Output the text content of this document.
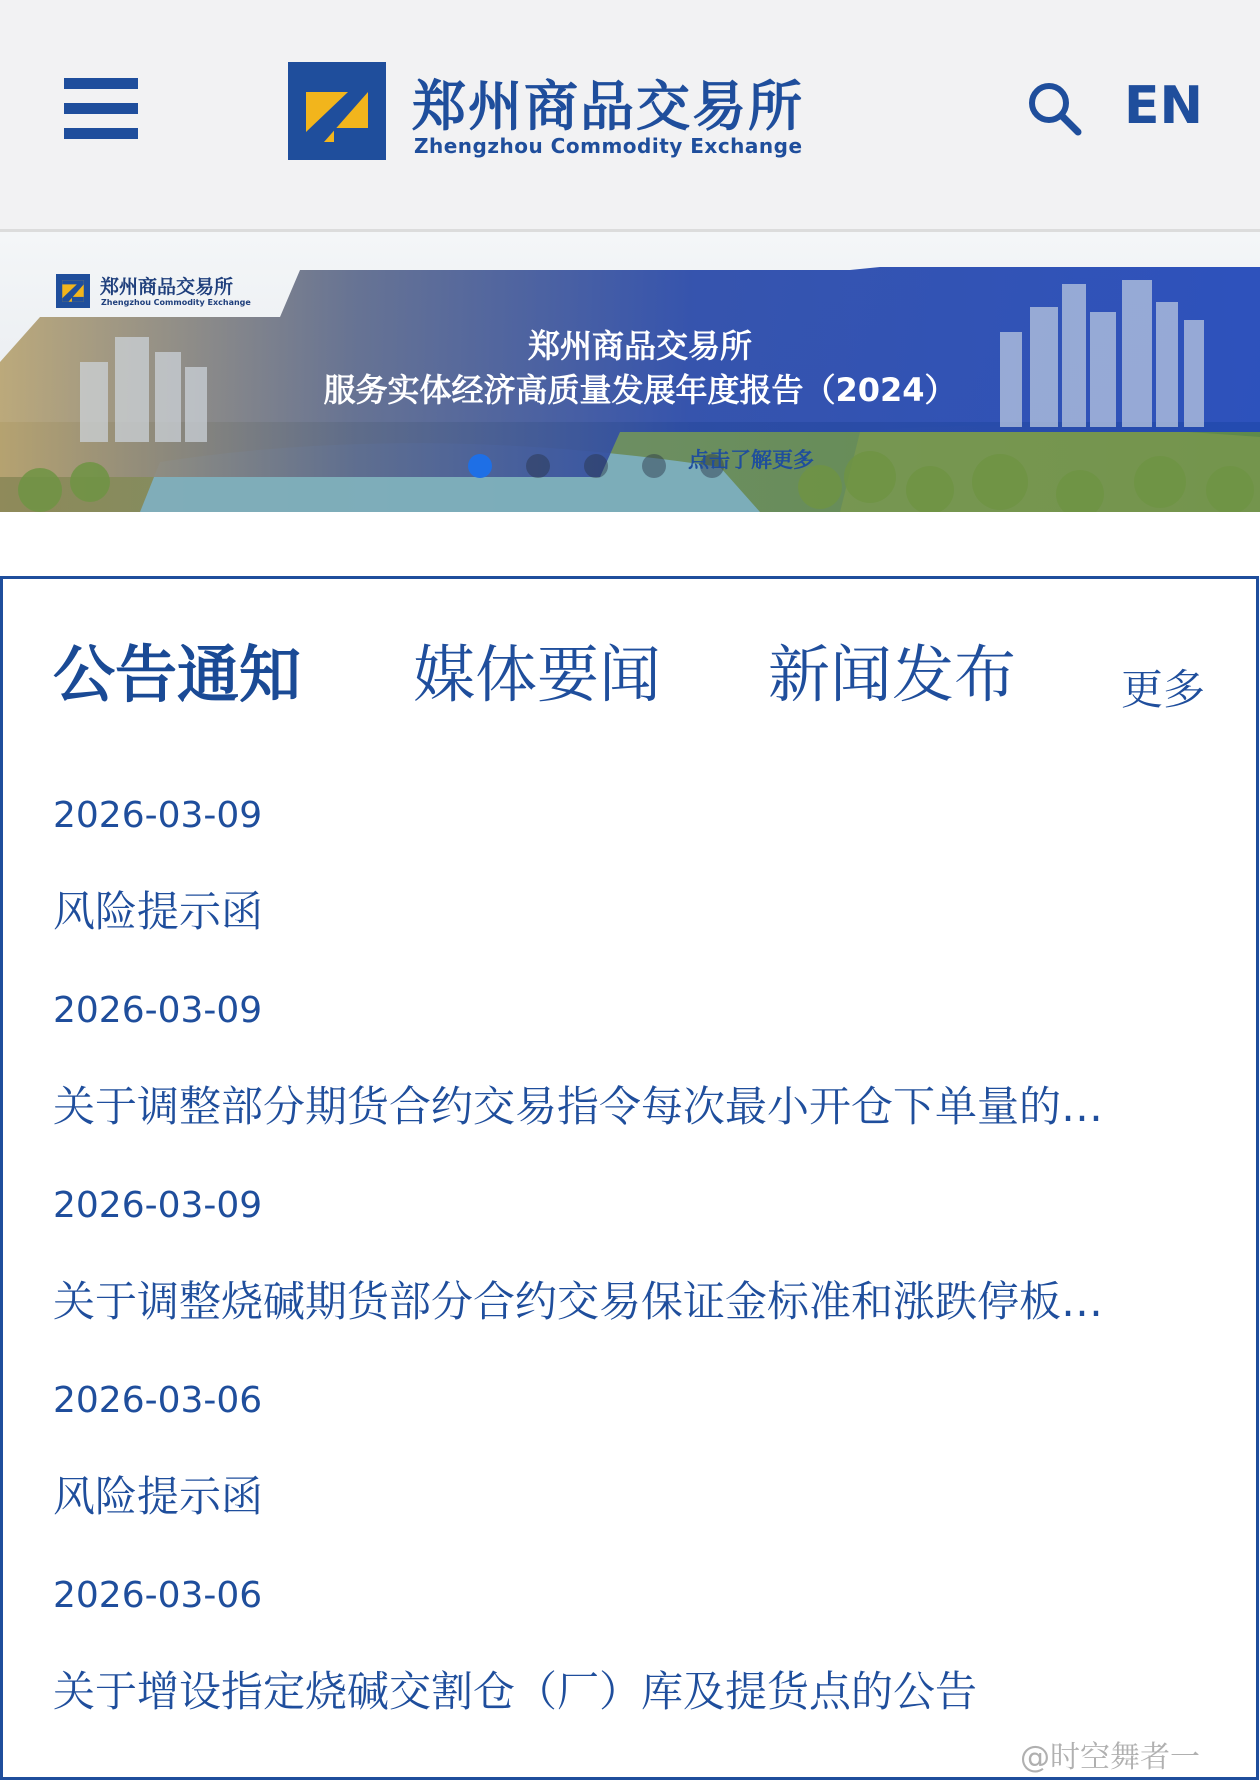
郑州商品交易所
Zhengzhou Commodity Exchange
EN
郑州商品交易所
Zhengzhou Commodity Exchange
郑州商品交易所
服务实体经济高质量发展年度报告（2024）
点击了解更多
公告通知 媒体要闻 新闻发布 更多
2026-03-09
风险提示函
2026-03-09
关于调整部分期货合约交易指令每次最小开仓下单量的…
2026-03-09
关于调整烧碱期货部分合约交易保证金标准和涨跌停板…
2026-03-06
风险提示函
2026-03-06
关于增设指定烧碱交割仓（厂）库及提货点的公告
@时空舞者一
